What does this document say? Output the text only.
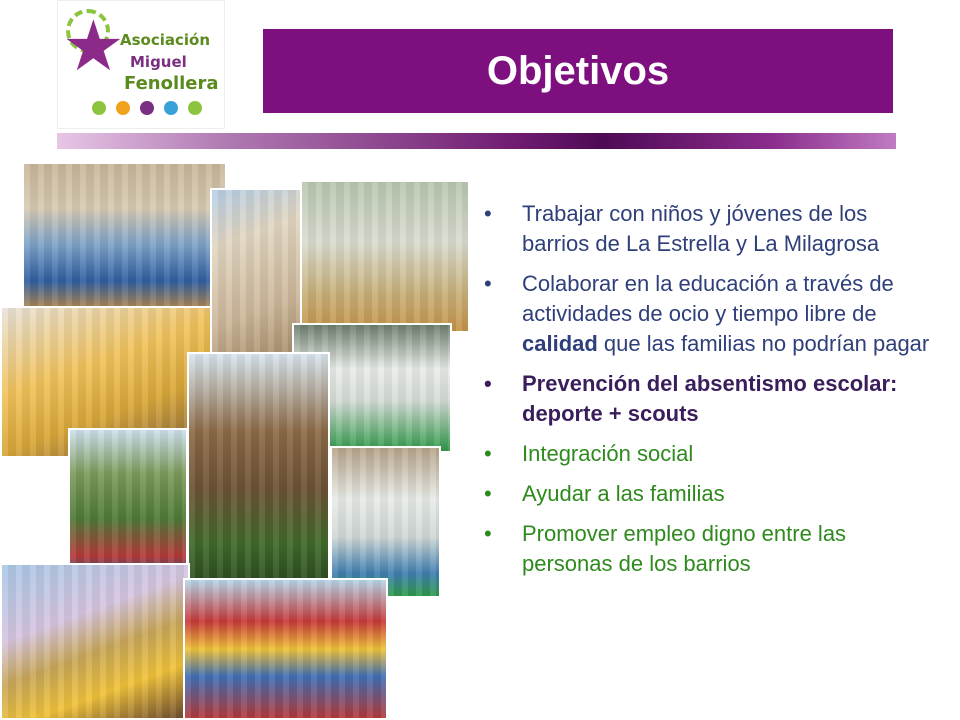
★
Asociación
Miguel
Fenollera	Objetivos
• Trabajar con niños y jóvenes de los barrios de La Estrella y La Milagrosa
• Colaborar en la educación a través de actividades de ocio y tiempo libre de calidad que las familias no podrían pagar
• Prevención del absentismo escolar: deporte + scouts
• Integración social
• Ayudar a las familias
• Promover empleo digno entre las personas de los barrios
